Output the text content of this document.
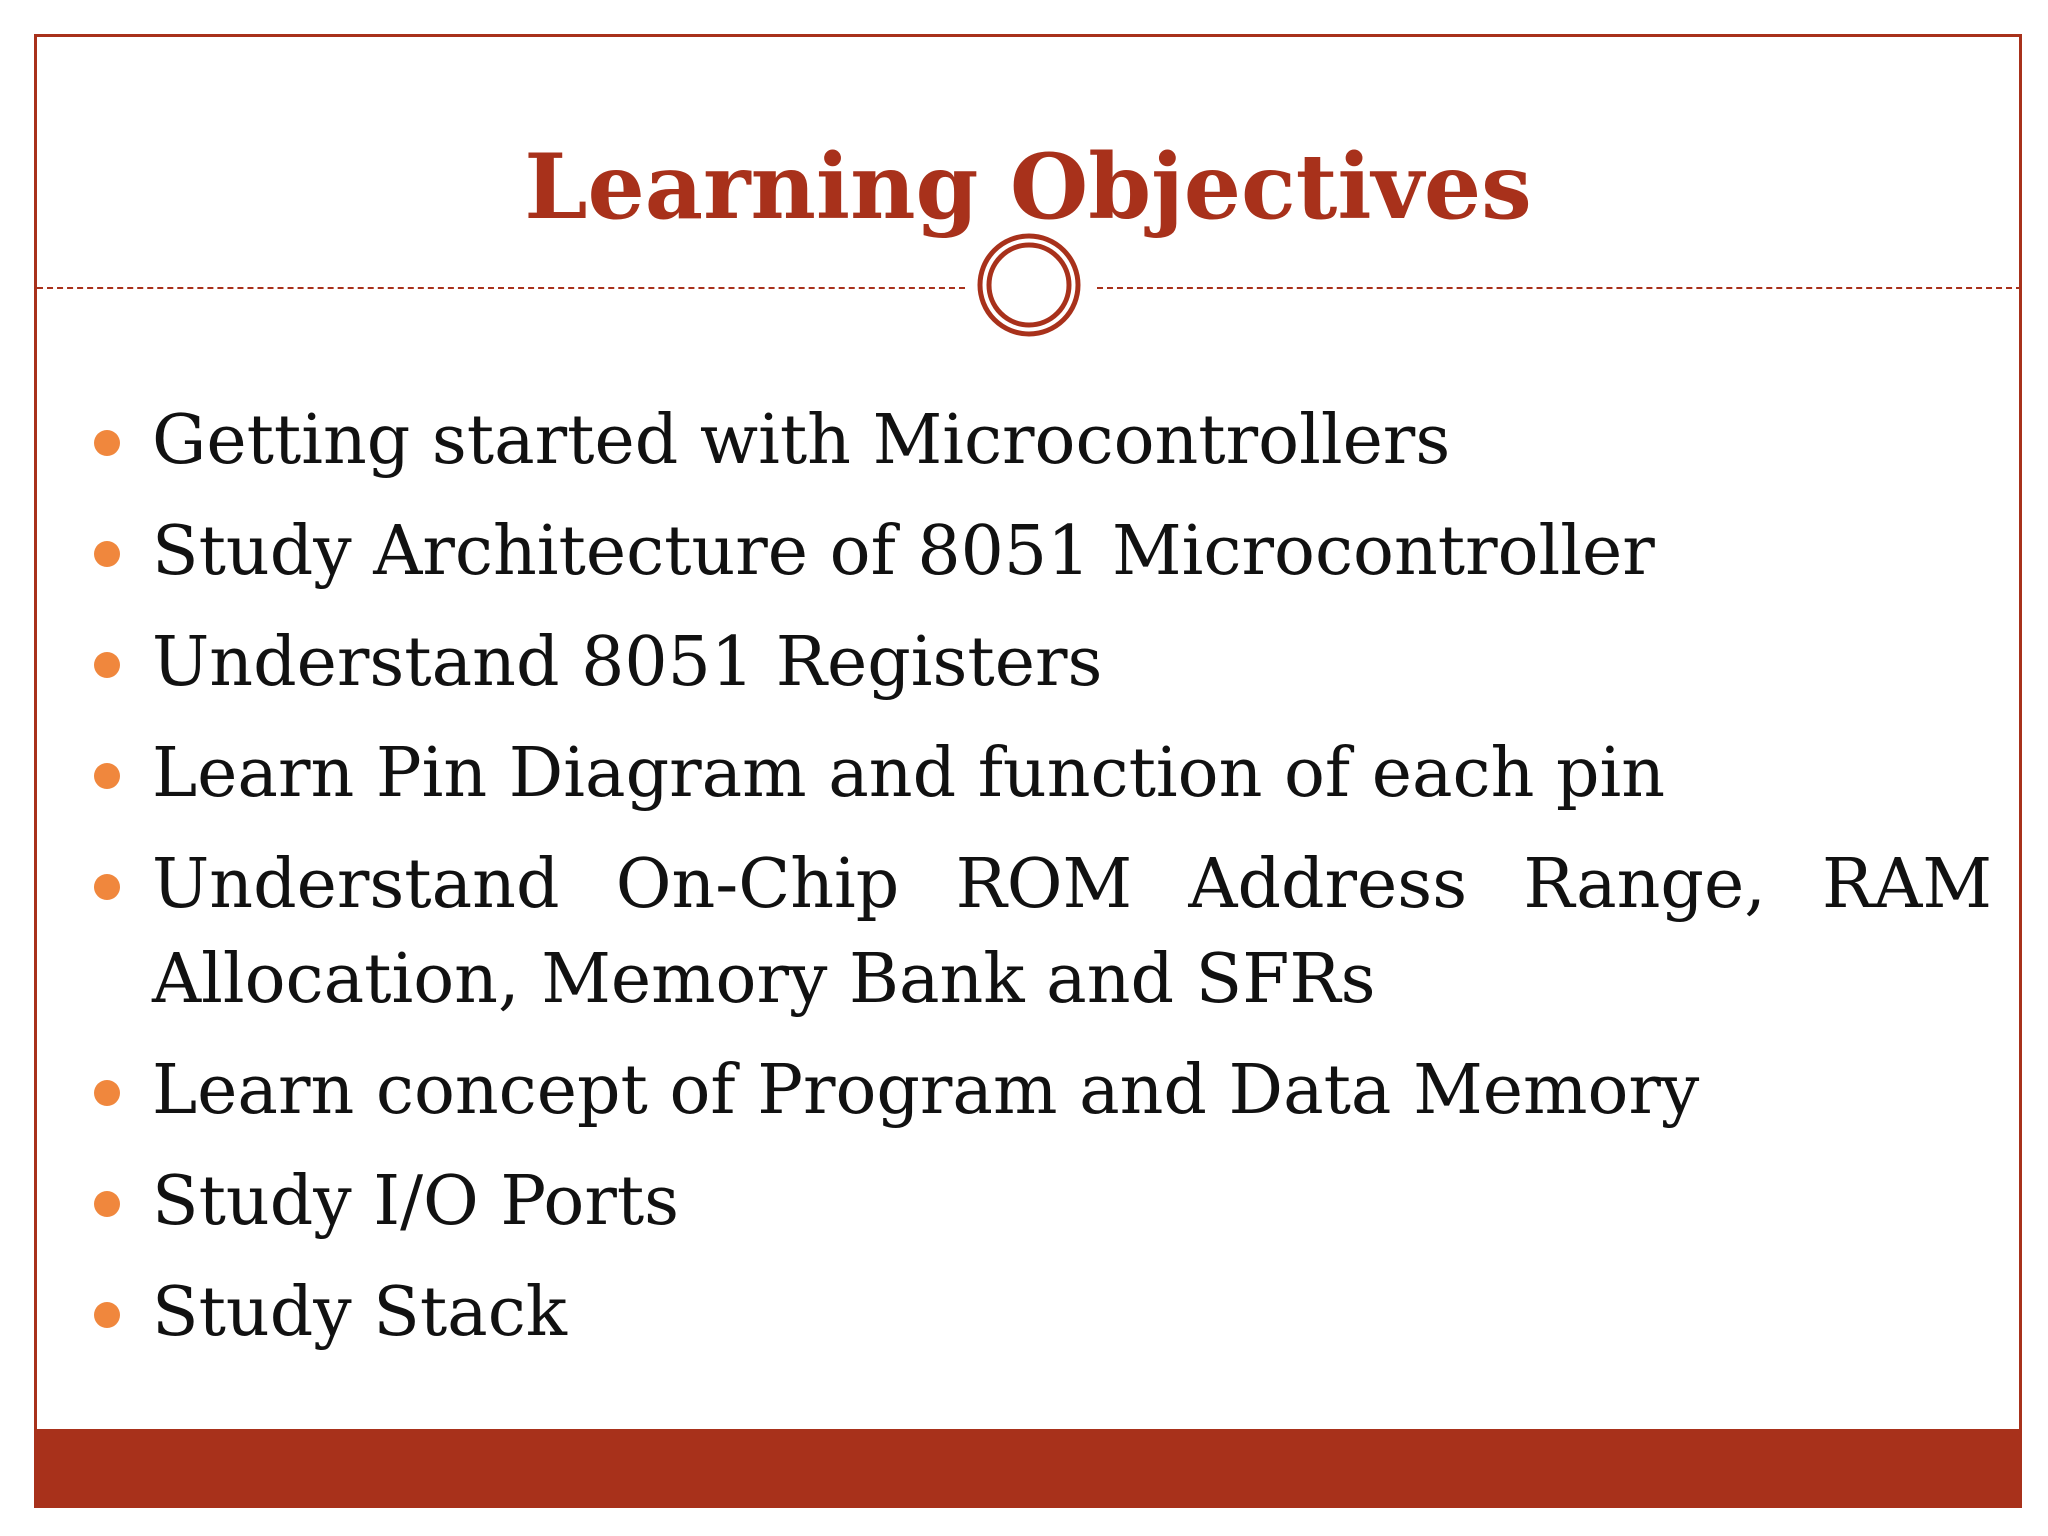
Learning Objectives
Getting started with Microcontrollers
Study Architecture of 8051 Microcontroller
Understand 8051 Registers
Learn Pin Diagram and function of each pin
Understand On-Chip ROM Address Range, RAM Allocation, Memory Bank and SFRs
Learn concept of Program and Data Memory
Study I/O Ports
Study Stack
